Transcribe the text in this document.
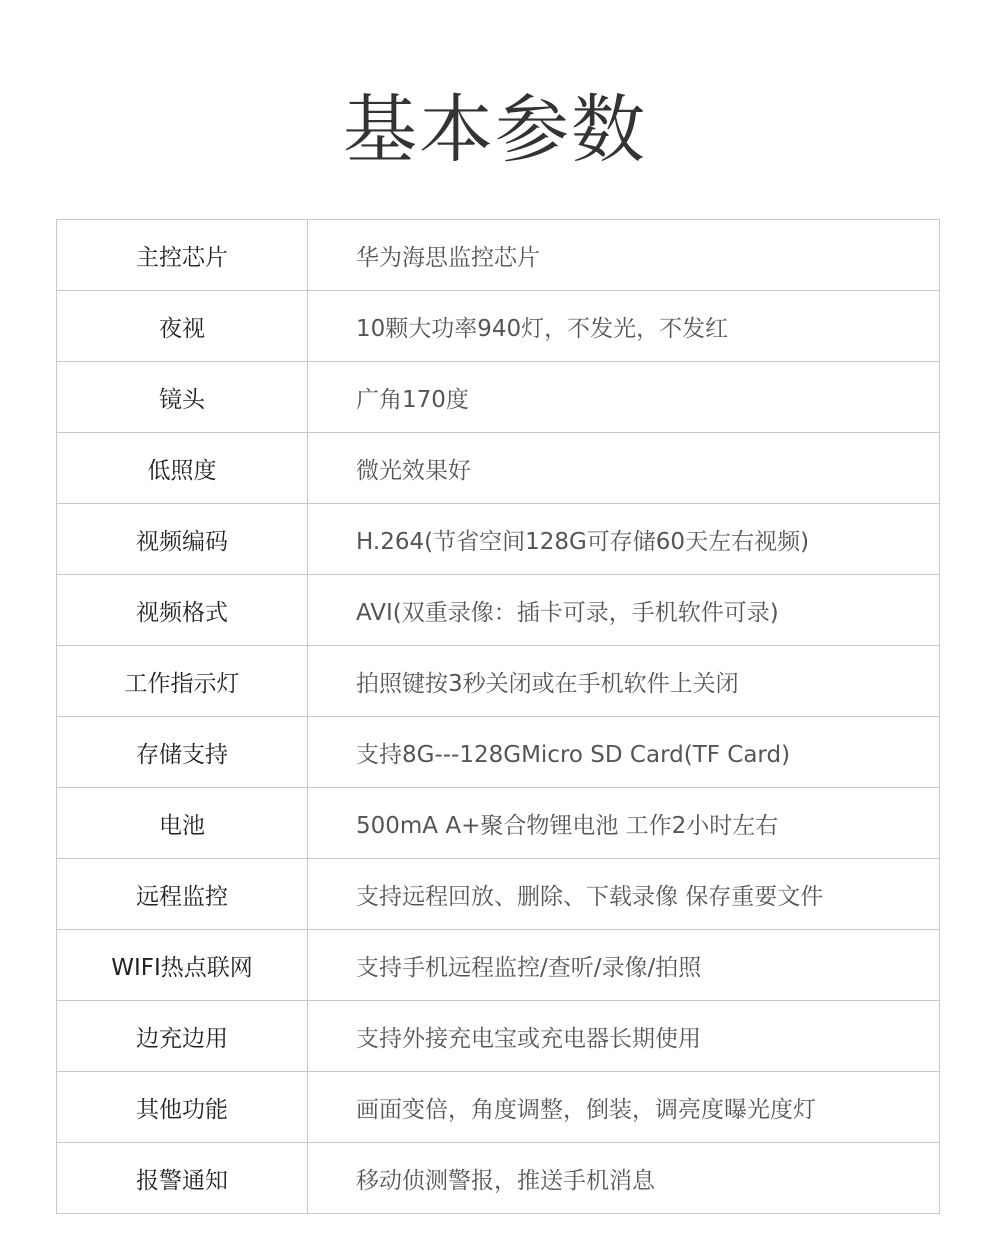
基本参数
主控芯片	华为海思监控芯片
夜视	10颗大功率940灯，不发光，不发红
镜头	广角170度
低照度	微光效果好
视频编码	H.264(节省空间128G可存储60天左右视频)
视频格式	AVI(双重录像：插卡可录，手机软件可录)
工作指示灯	拍照键按3秒关闭或在手机软件上关闭
存储支持	支持8G---128GMicro SD Card(TF Card)
电池	500mA A+聚合物锂电池 工作2小时左右
远程监控	支持远程回放、删除、下载录像 保存重要文件
WIFI热点联网	支持手机远程监控/查听/录像/拍照
边充边用	支持外接充电宝或充电器长期使用
其他功能	画面变倍，角度调整，倒装，调亮度曝光度灯
报警通知	移动侦测警报，推送手机消息
